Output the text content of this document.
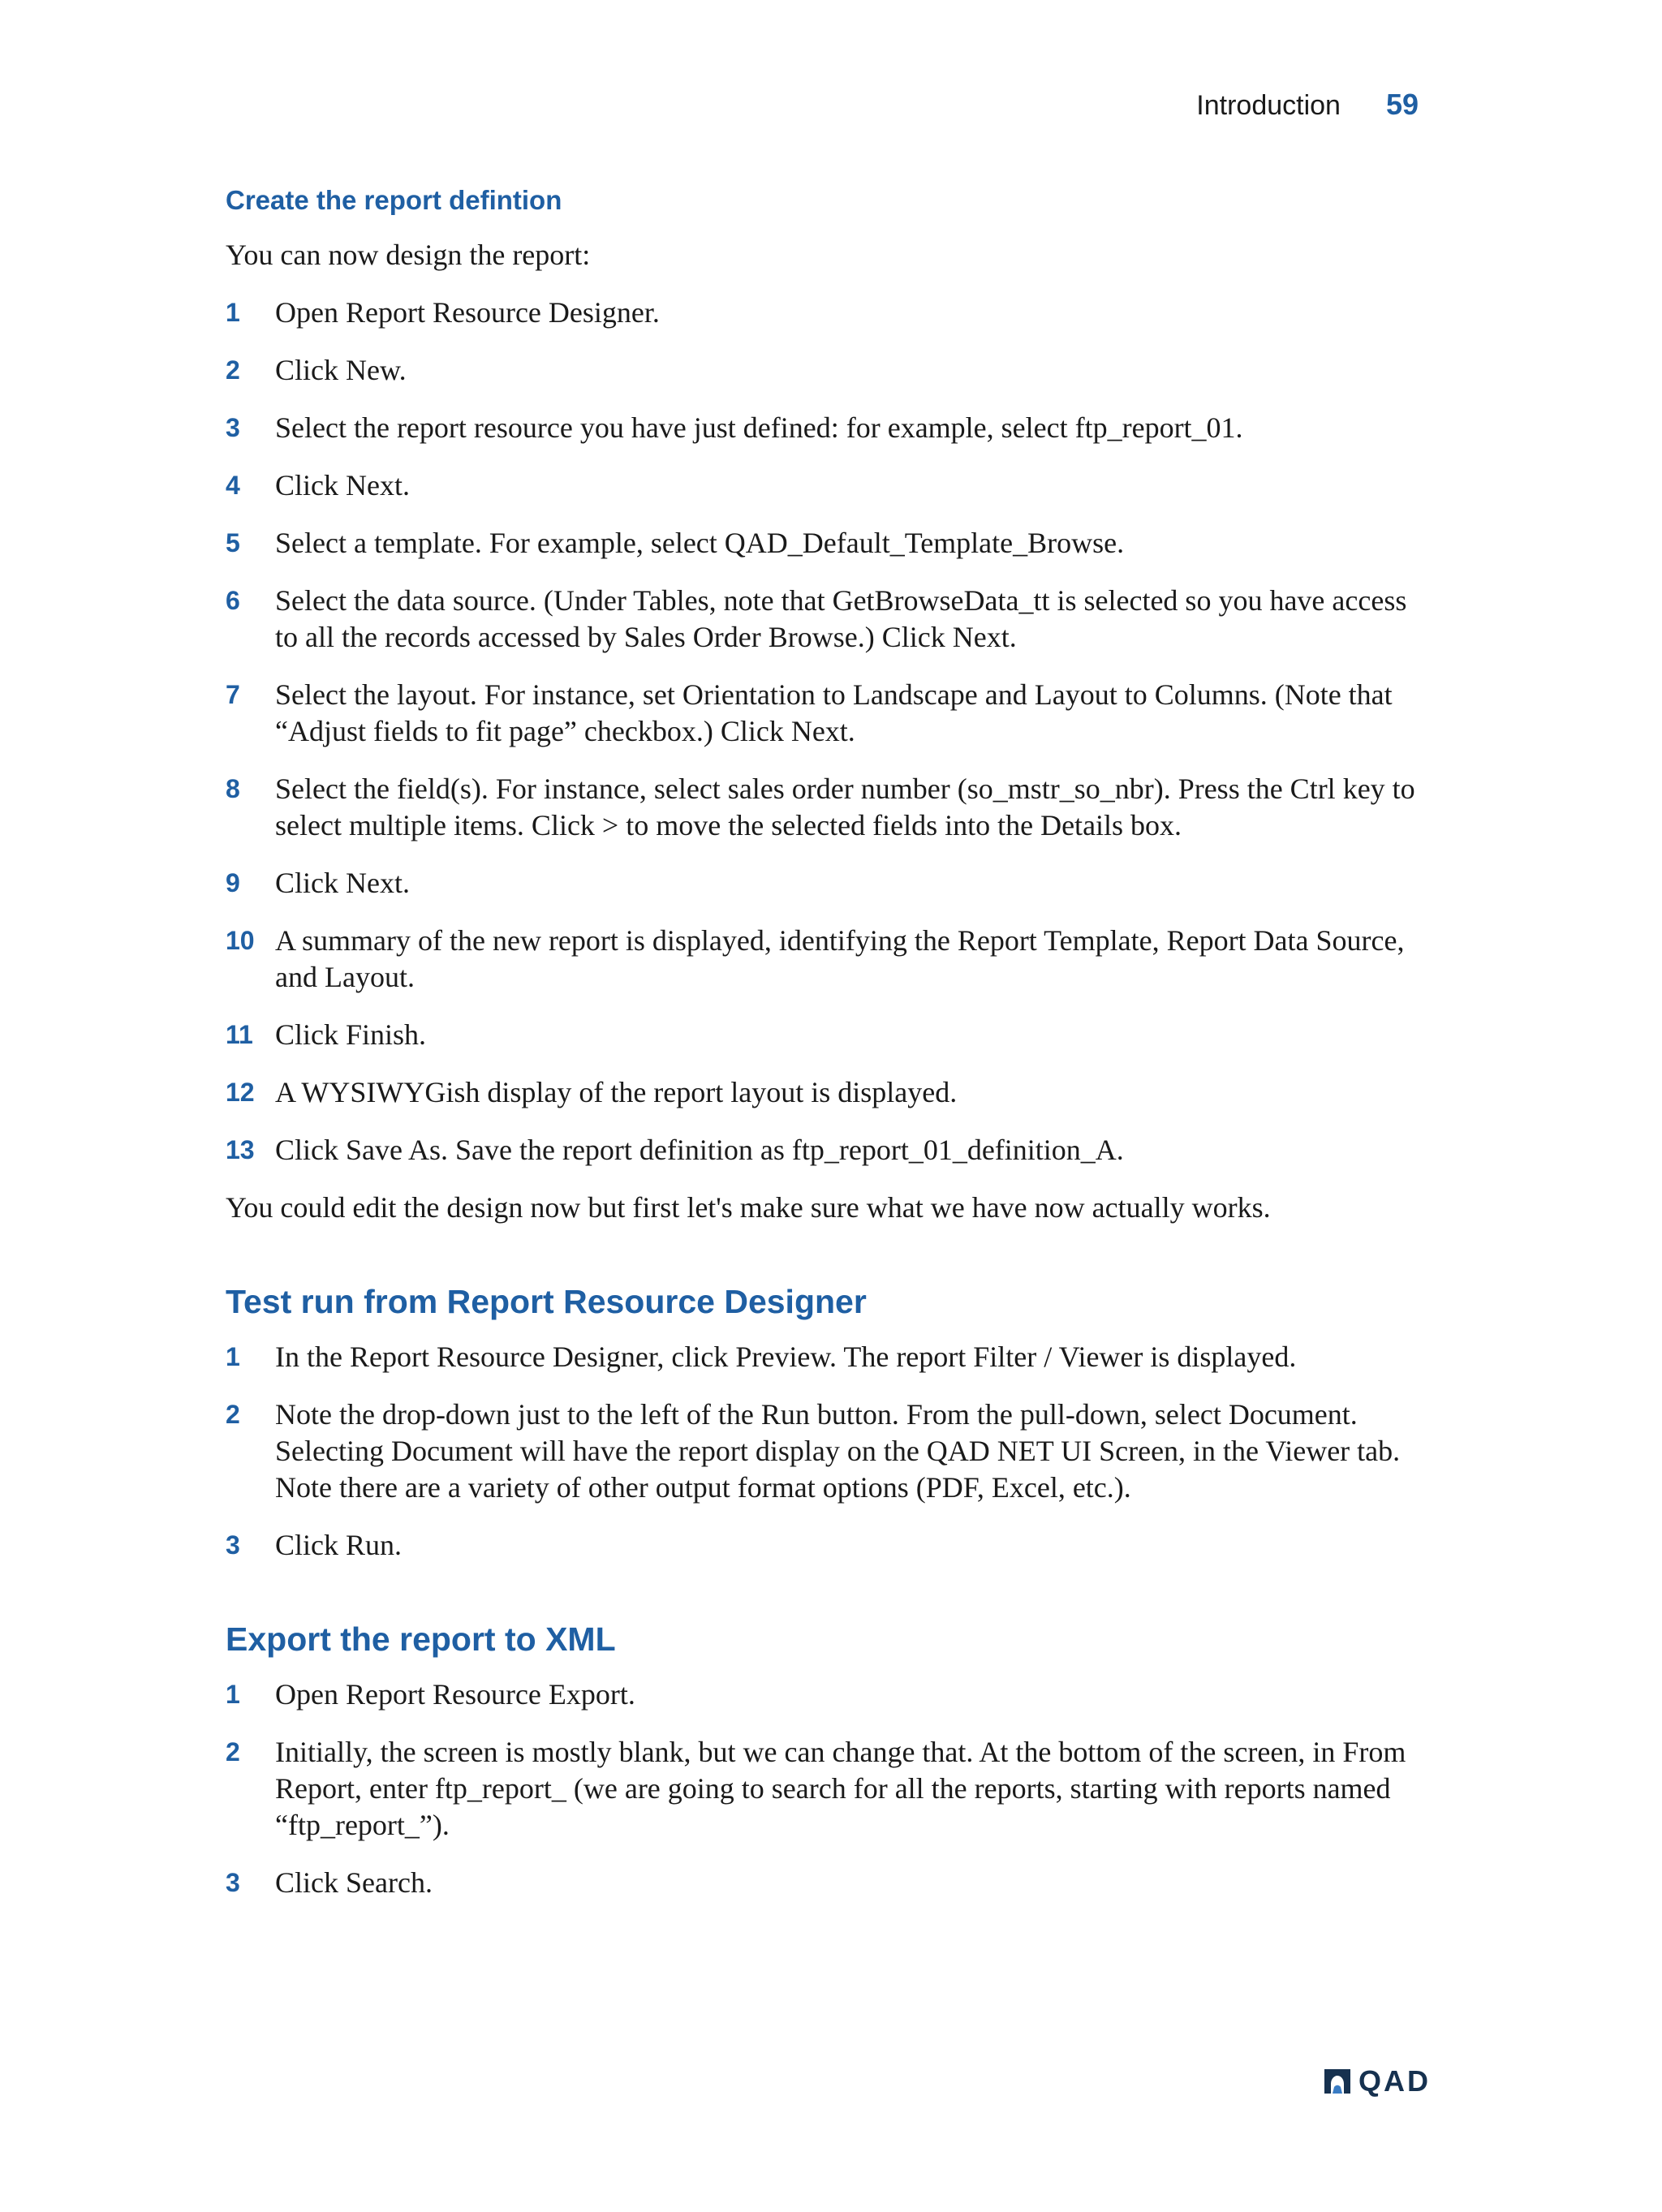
Introduction 59
Create the report defintion
You can now design the report:
1	Open Report Resource Designer.
2	Click New.
3	Select the report resource you have just defined: for example, select ftp_report_01.
4	Click Next.
5	Select a template. For example, select QAD_Default_Template_Browse.
6	Select the data source. (Under Tables, note that GetBrowseData_tt is selected so you have access to all the records accessed by Sales Order Browse.) Click Next.
7	Select the layout. For instance, set Orientation to Landscape and Layout to Columns. (Note that “Adjust fields to fit page” checkbox.) Click Next.
8	Select the field(s). For instance, select sales order number (so_mstr_so_nbr). Press the Ctrl key to select multiple items. Click > to move the selected fields into the Details box.
9	Click Next.
10 A summary of the new report is displayed, identifying the Report Template, Report Data Source, and Layout.
11 Click Finish.
12 A WYSIWYGish display of the report layout is displayed.
13 Click Save As. Save the report definition as ftp_report_01_definition_A.
You could edit the design now but first let's make sure what we have now actually works.
Test run from Report Resource Designer
1	In the Report Resource Designer, click Preview. The report Filter / Viewer is displayed.
2	Note the drop-down just to the left of the Run button. From the pull-down, select Document. Selecting Document will have the report display on the QAD NET UI Screen, in the Viewer tab. Note there are a variety of other output format options (PDF, Excel, etc.).
3	Click Run.
Export the report to XML
1	Open Report Resource Export.
2	Initially, the screen is mostly blank, but we can change that. At the bottom of the screen, in From Report, enter ftp_report_ (we are going to search for all the reports, starting with reports named “ftp_report_”).
3	Click Search.
QAD
